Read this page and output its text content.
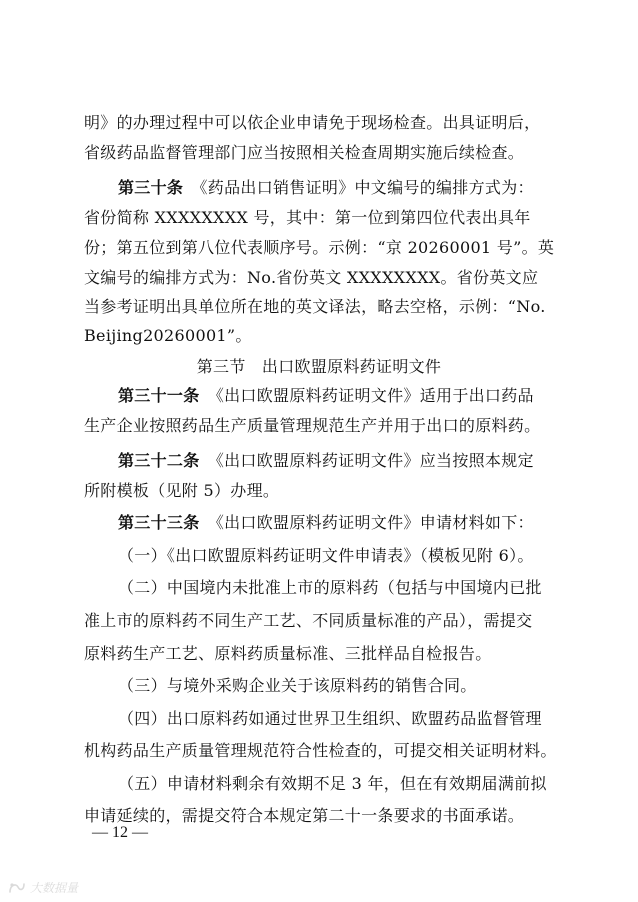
明》的办理过程中可以依企业申请免于现场检查。出具证明后，
省级药品监督管理部门应当按照相关检查周期实施后续检查。
第三十条　《药品出口销售证明》中文编号的编排方式为：
省份简称 XXXXXXXX 号，其中：第一位到第四位代表出具年
份；第五位到第八位代表顺序号。示例：“京 20260001 号”。英
文编号的编排方式为：No.省份英文 XXXXXXXX。省份英文应
当参考证明出具单位所在地的英文译法，略去空格，示例：“No.
Beijing20260001”。
第三节　出口欧盟原料药证明文件
第三十一条　《出口欧盟原料药证明文件》适用于出口药品
生产企业按照药品生产质量管理规范生产并用于出口的原料药。
第三十二条　《出口欧盟原料药证明文件》应当按照本规定
所附模板（见附 5）办理。
第三十三条　《出口欧盟原料药证明文件》申请材料如下：
（一）《出口欧盟原料药证明文件申请表》（模板见附 6）。
（二）中国境内未批准上市的原料药（包括与中国境内已批
准上市的原料药不同生产工艺、不同质量标准的产品），需提交
原料药生产工艺、原料药质量标准、三批样品自检报告。
（三）与境外采购企业关于该原料药的销售合同。
（四）出口原料药如通过世界卫生组织、欧盟药品监督管理
机构药品生产质量管理规范符合性检查的，可提交相关证明材料。
（五）申请材料剩余有效期不足 3 年，但在有效期届满前拟
申请延续的，需提交符合本规定第二十一条要求的书面承诺。
— 12 —
大数据量
